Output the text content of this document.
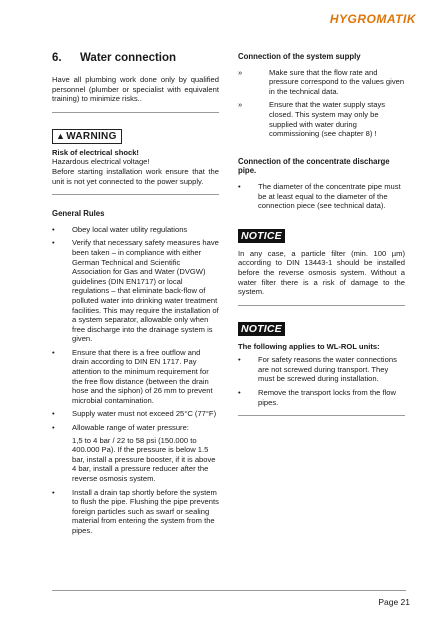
HYGROMATIK
6. Water connection

Have all plumbing work done only by qualified personnel (plumber or specialist with equivalent training) to minimize risks..

▲WARNING

Risk of electrical shock!

Hazardous electrical voltage!

Before starting installation work ensure that the unit is not yet connected to the power supply.

General Rules
• Obey local water utility regulations
• Verify that necessary safety measures have been taken – in compliance with either German Technical and Scientific Association for Gas and Water (DVGW) guidelines (DIN EN1717) or local regulations – that eliminate back-flow of polluted water into drinking water treatment facilities. This may require the installation of a system separator, allowable only when free discharge into the drainage system is given.
• Ensure that there is a free outflow and drain according to DIN EN 1717. Pay attention to the minimum requirement for the free flow distance (between the drain hose and the siphon) of 26 mm to prevent microbial contamination.
• Supply water must not exceed 25°C (77°F)
• Allowable range of water pressure:

1,5 to 4 bar / 22 to 58 psi (150.000 to 400.000 Pa). If the pressure is below 1.5 bar, install a pressure booster, if it is above 4 bar, install a pressure reducer after the reverse osmosis system.

• Install a drain tap shortly before the system to flush the pipe. Flushing the pipe prevents foreign particles such as swarf or sealing material from entering the system from the pipes.
Connection of the system supply
»	Make sure that the flow rate and pressure correspond to the values given in the technical data.
»	Ensure that the water supply stays closed. This system may only be supplied with water during commissioning (see chapter 8) !
Connection of the concentrate discharge pipe.
• The diameter of the concentrate pipe must be at least equal to the diameter of the connection piece (see technical data).
NOTICE

In any case, a particle filter (min. 100 µm) according to DIN 13443-1 should be installed before the reverse osmosis system. Without a water filter there is a risk of damage to the system.

NOTICE

The following applies to WL-ROL units:

• For safety reasons the water connections are not screwed during transport. They must be screwed during installation.
• Remove the transport locks from the flow pipes.
Page 21
